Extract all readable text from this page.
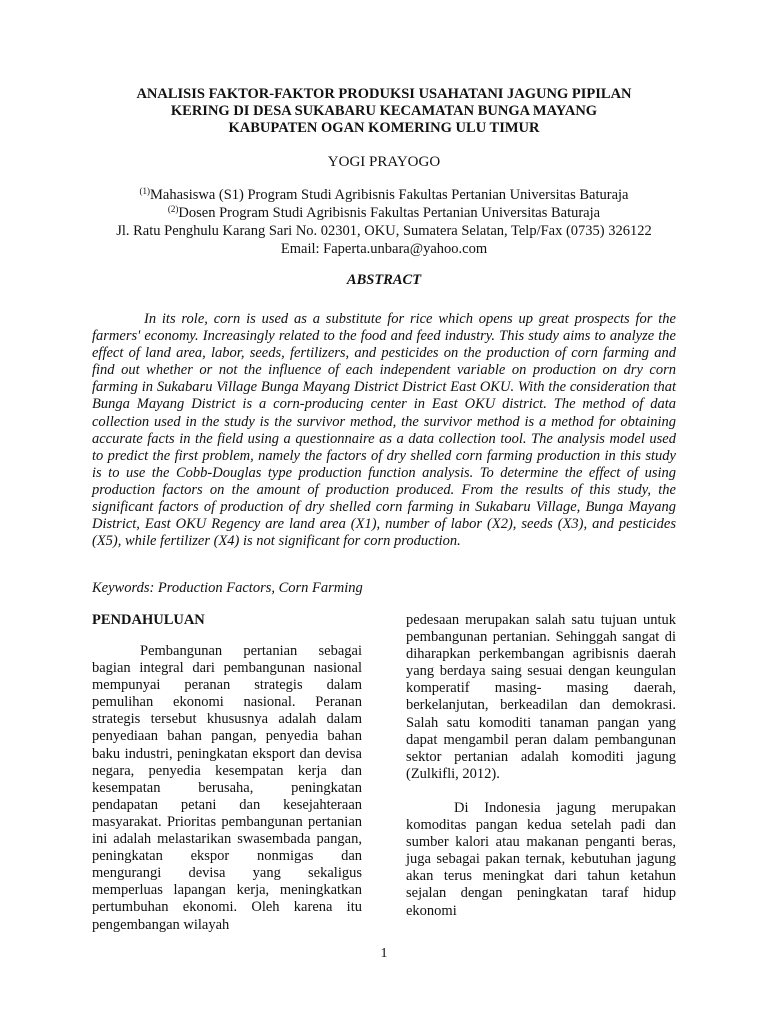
ANALISIS FAKTOR-FAKTOR PRODUKSI USAHATANI JAGUNG PIPILAN
KERING DI DESA SUKABARU KECAMATAN BUNGA MAYANG
KABUPATEN OGAN KOMERING ULU TIMUR
YOGI PRAYOGO
$^{(1)}$Mahasiswa (S1) Program Studi Agribisnis Fakultas Pertanian Universitas Baturaja
$^{(2)}$Dosen Program Studi Agribisnis Fakultas Pertanian Universitas Baturaja
Jl. Ratu Penghulu Karang Sari No. 02301, OKU, Sumatera Selatan, Telp/Fax (0735) 326122
Email: Faperta.unbara@yahoo.com
ABSTRACT
In its role, corn is used as a substitute for rice which opens up great prospects for the farmers' economy. Increasingly related to the food and feed industry. This study aims to analyze the effect of land area, labor, seeds, fertilizers, and pesticides on the production of corn farming and find out whether or not the influence of each independent variable on production on dry corn farming in Sukabaru Village Bunga Mayang District District East OKU. With the consideration that Bunga Mayang District is a corn-producing center in East OKU district. The method of data collection used in the study is the survivor method, the survivor method is a method for obtaining accurate facts in the field using a questionnaire as a data collection tool. The analysis model used to predict the first problem, namely the factors of dry shelled corn farming production in this study is to use the Cobb-Douglas type production function analysis. To determine the effect of using production factors on the amount of production produced. From the results of this study, the significant factors of production of dry shelled corn farming in Sukabaru Village, Bunga Mayang District, East OKU Regency are land area (X1), number of labor (X2), seeds (X3), and pesticides (X5), while fertilizer (X4) is not significant for corn production.
Keywords: Production Factors, Corn Farming
PENDAHULUAN

Pembangunan pertanian sebagai bagian integral dari pembangunan nasional mempunyai peranan strategis dalam pemulihan ekonomi nasional. Peranan strategis tersebut khususnya adalah dalam penyediaan bahan pangan, penyedia bahan baku industri, peningkatan eksport dan devisa negara, penyedia kesempatan kerja dan kesempatan berusaha, peningkatan pendapatan petani dan kesejahteraan masyarakat. Prioritas pembangunan pertanian ini adalah melastarikan swasembada pangan, peningkatan ekspor nonmigas dan mengurangi devisa yang sekaligus memperluas lapangan kerja, meningkatkan pertumbuhan ekonomi. Oleh karena itu pengembangan wilayah

pedesaan merupakan salah satu tujuan untuk pembangunan pertanian. Sehinggah sangat di diharapkan perkembangan agribisnis daerah yang berdaya saing sesuai dengan keungulan komperatif masing- masing daerah, berkelanjutan, berkeadilan dan demokrasi. Salah satu komoditi tanaman pangan yang dapat mengambil peran dalam pembangunan sektor pertanian adalah komoditi jagung (Zulkifli, 2012).

Di Indonesia jagung merupakan komoditas pangan kedua setelah padi dan sumber kalori atau makanan penganti beras, juga sebagai pakan ternak, kebutuhan jagung akan terus meningkat dari tahun ketahun sejalan dengan peningkatan taraf hidup ekonomi

1
